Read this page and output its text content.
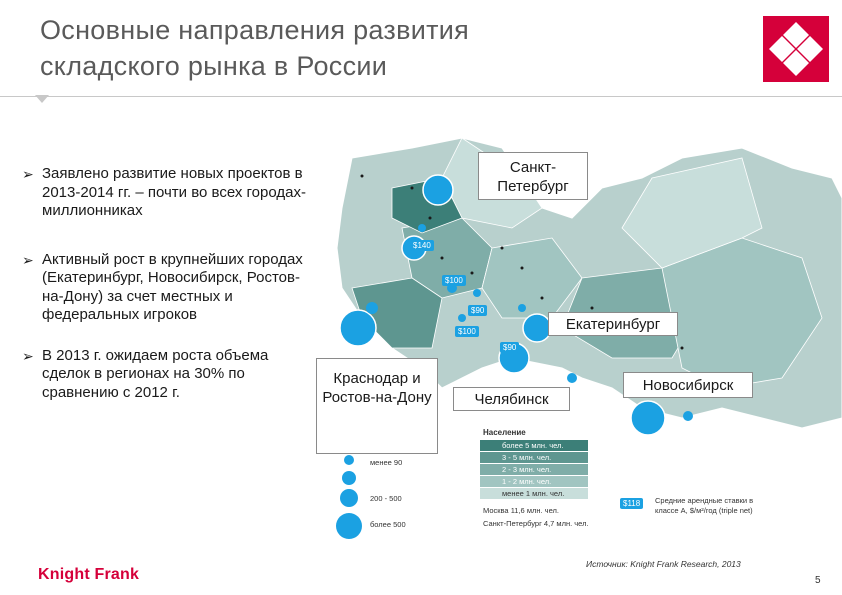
Основные направления развития
складского рынка в России
➢ Заявлено развитие новых проектов в 2013-2014 гг. – почти во всех городах-миллионниках
➢ Активный рост в крупнейших городах (Екатеринбург, Новосибирск, Ростов-на-Дону) за счет местных и федеральных игроков
➢ В 2013 г. ожидаем роста объема сделок в регионах на 30% по сравнению с 2012 г.
$140
$100
$90
$100
$90
Санкт-Петербург
Екатеринбург
Челябинск
Новосибирск
Краснодар и Ростов-на-Дону
менее 90
200 - 500
более 500
Население
более 5 млн. чел.
3 - 5 млн. чел.
2 - 3 млн. чел.
1 - 2 млн. чел.
менее 1 млн. чел.
$118	Средние арендные ставки в классе А, $/м²/год (triple net)
Москва 11,6 млн. чел.
Санкт-Петербург 4,7 млн. чел.
Knight Frank
Источник: Knight Frank Research, 2013
5
